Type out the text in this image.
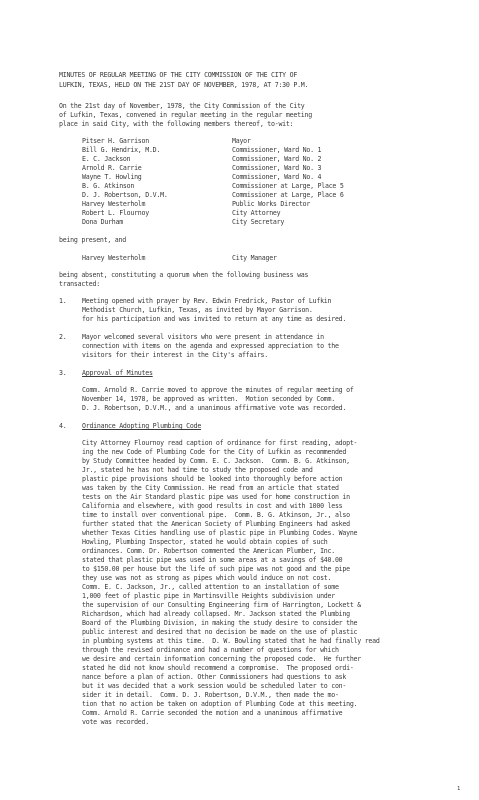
MINUTES OF REGULAR MEETING OF THE CITY COMMISSION OF THE CITY OF
LUFKIN, TEXAS, HELD ON THE 21ST DAY OF NOVEMBER, 1978, AT 7:30 P.M.
On the 21st day of November, 1978, the City Commission of the City
of Lufkin, Texas, convened in regular meeting in the regular meeting
place in said City, with the following members thereof, to-wit:
Pitser H. Garrison	Mayor
Bill G. Hendrix, M.D.	Commissioner, Ward No. 1
E. C. Jackson	Commissioner, Ward No. 2
Arnold R. Carrie	Commissioner, Ward No. 3
Wayne T. Howling	Commissioner, Ward No. 4
B. G. Atkinson	Commissioner at Large, Place 5
D. J. Robertson, D.V.M.	Commissioner at Large, Place 6
Harvey Westerholm	Public Works Director
Robert L. Flournoy	City Attorney
Dona Durham	City Secretary
being present, and
Harvey Westerholm	City Manager
being absent, constituting a quorum when the following business was
transacted:
1. Meeting opened with prayer by Rev. Edwin Fredrick, Pastor of Lufkin
Methodist Church, Lufkin, Texas, as invited by Mayor Garrison.
for his participation and was invited to return at any time as desired.
2. Mayor welcomed several visitors who were present in attendance in
connection with items on the agenda and expressed appreciation to the
visitors for their interest in the City's affairs.
3. Approval of Minutes
Comm. Arnold R. Carrie moved to approve the minutes of regular meeting of
November 14, 1978, be approved as written.  Motion seconded by Comm.
D. J. Robertson, D.V.M., and a unanimous affirmative vote was recorded.
4. Ordinance Adopting Plumbing Code
City Attorney Flournoy read caption of ordinance for first reading, adopt-
ing the new Code of Plumbing Code for the City of Lufkin as recommended
by Study Committee headed by Comm. E. C. Jackson.  Comm. B. G. Atkinson,
Jr., stated he has not had time to study the proposed code and
plastic pipe provisions should be looked into thoroughly before action
was taken by the City Commission. He read from an article that stated
tests on the Air Standard plastic pipe was used for home construction in
California and elsewhere, with good results in cost and with 1000 less
time to install over conventional pipe.  Comm. B. G. Atkinson, Jr., also
further stated that the American Society of Plumbing Engineers had asked
whether Texas Cities handling use of plastic pipe in Plumbing Codes. Wayne
Howling, Plumbing Inspector, stated he would obtain copies of such
ordinances. Comm. Dr. Robertson commented the American Plumber, Inc.
stated that plastic pipe was used in some areas at a savings of $40.00
to $150.00 per house but the life of such pipe was not good and the pipe
they use was not as strong as pipes which would induce on not cost.
Comm. E. C. Jackson, Jr., called attention to an installation of some
1,000 feet of plastic pipe in Martinsville Heights subdivision under
the supervision of our Consulting Engineering firm of Harrington, Lockett &
Richardson, which had already collapsed. Mr. Jackson stated the Plumbing
Board of the Plumbing Division, in making the study desire to consider the
public interest and desired that no decision be made on the use of plastic
in plumbing systems at this time.  D. W. Bowling stated that he had finally read
through the revised ordinance and had a number of questions for which
we desire and certain information concerning the proposed code.  He further
stated he did not know should recommend a compromise.  The proposed ordi-
nance before a plan of action. Other Commissioners had questions to ask
but it was decided that a work session would be scheduled later to con-
sider it in detail.  Comm. D. J. Robertson, D.V.M., then made the mo-
tion that no action be taken on adoption of Plumbing Code at this meeting.
Comm. Arnold R. Carrie seconded the motion and a unanimous affirmative
vote was recorded.
1
